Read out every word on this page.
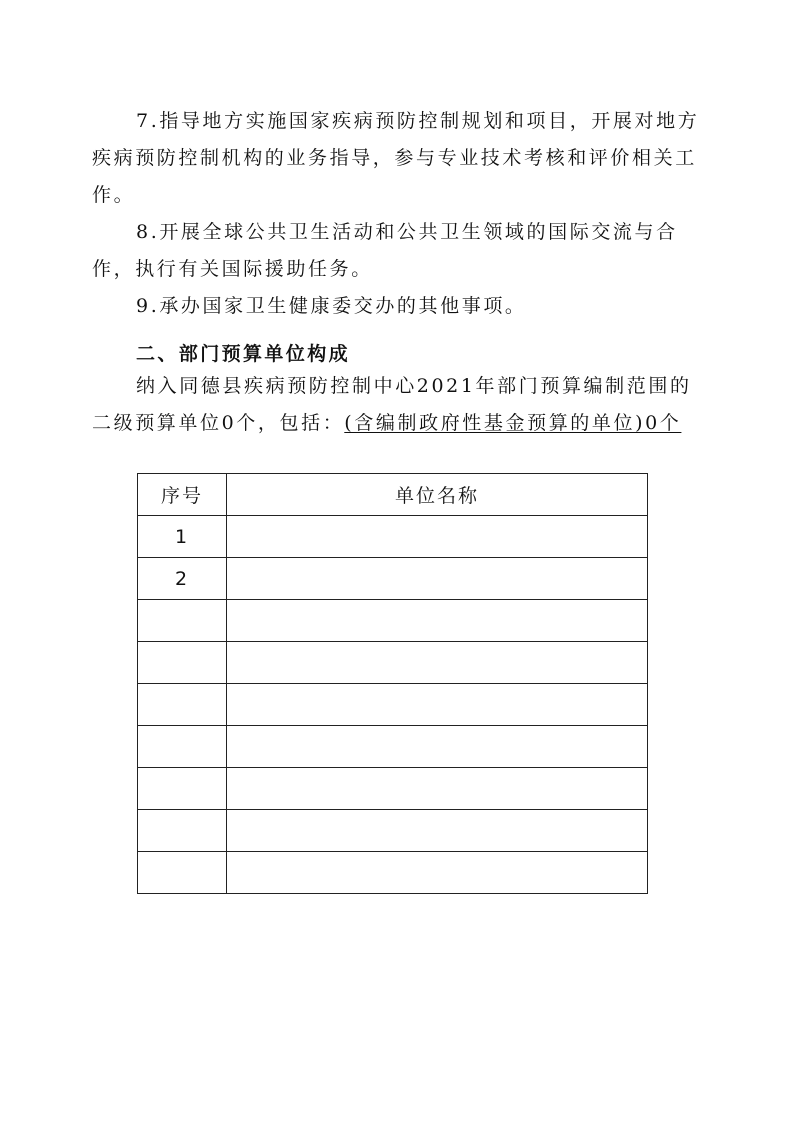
7.指导地方实施国家疾病预防控制规划和项目，开展对地方疾病预防控制机构的业务指导，参与专业技术考核和评价相关工作。

8.开展全球公共卫生活动和公共卫生领域的国际交流与合作，执行有关国际援助任务。

9.承办国家卫生健康委交办的其他事项。

二、部门预算单位构成

纳入同德县疾病预防控制中心2021年部门预算编制范围的二级预算单位0个，包括：(含编制政府性基金预算的单位)0个

序号	单位名称
1	
2	
